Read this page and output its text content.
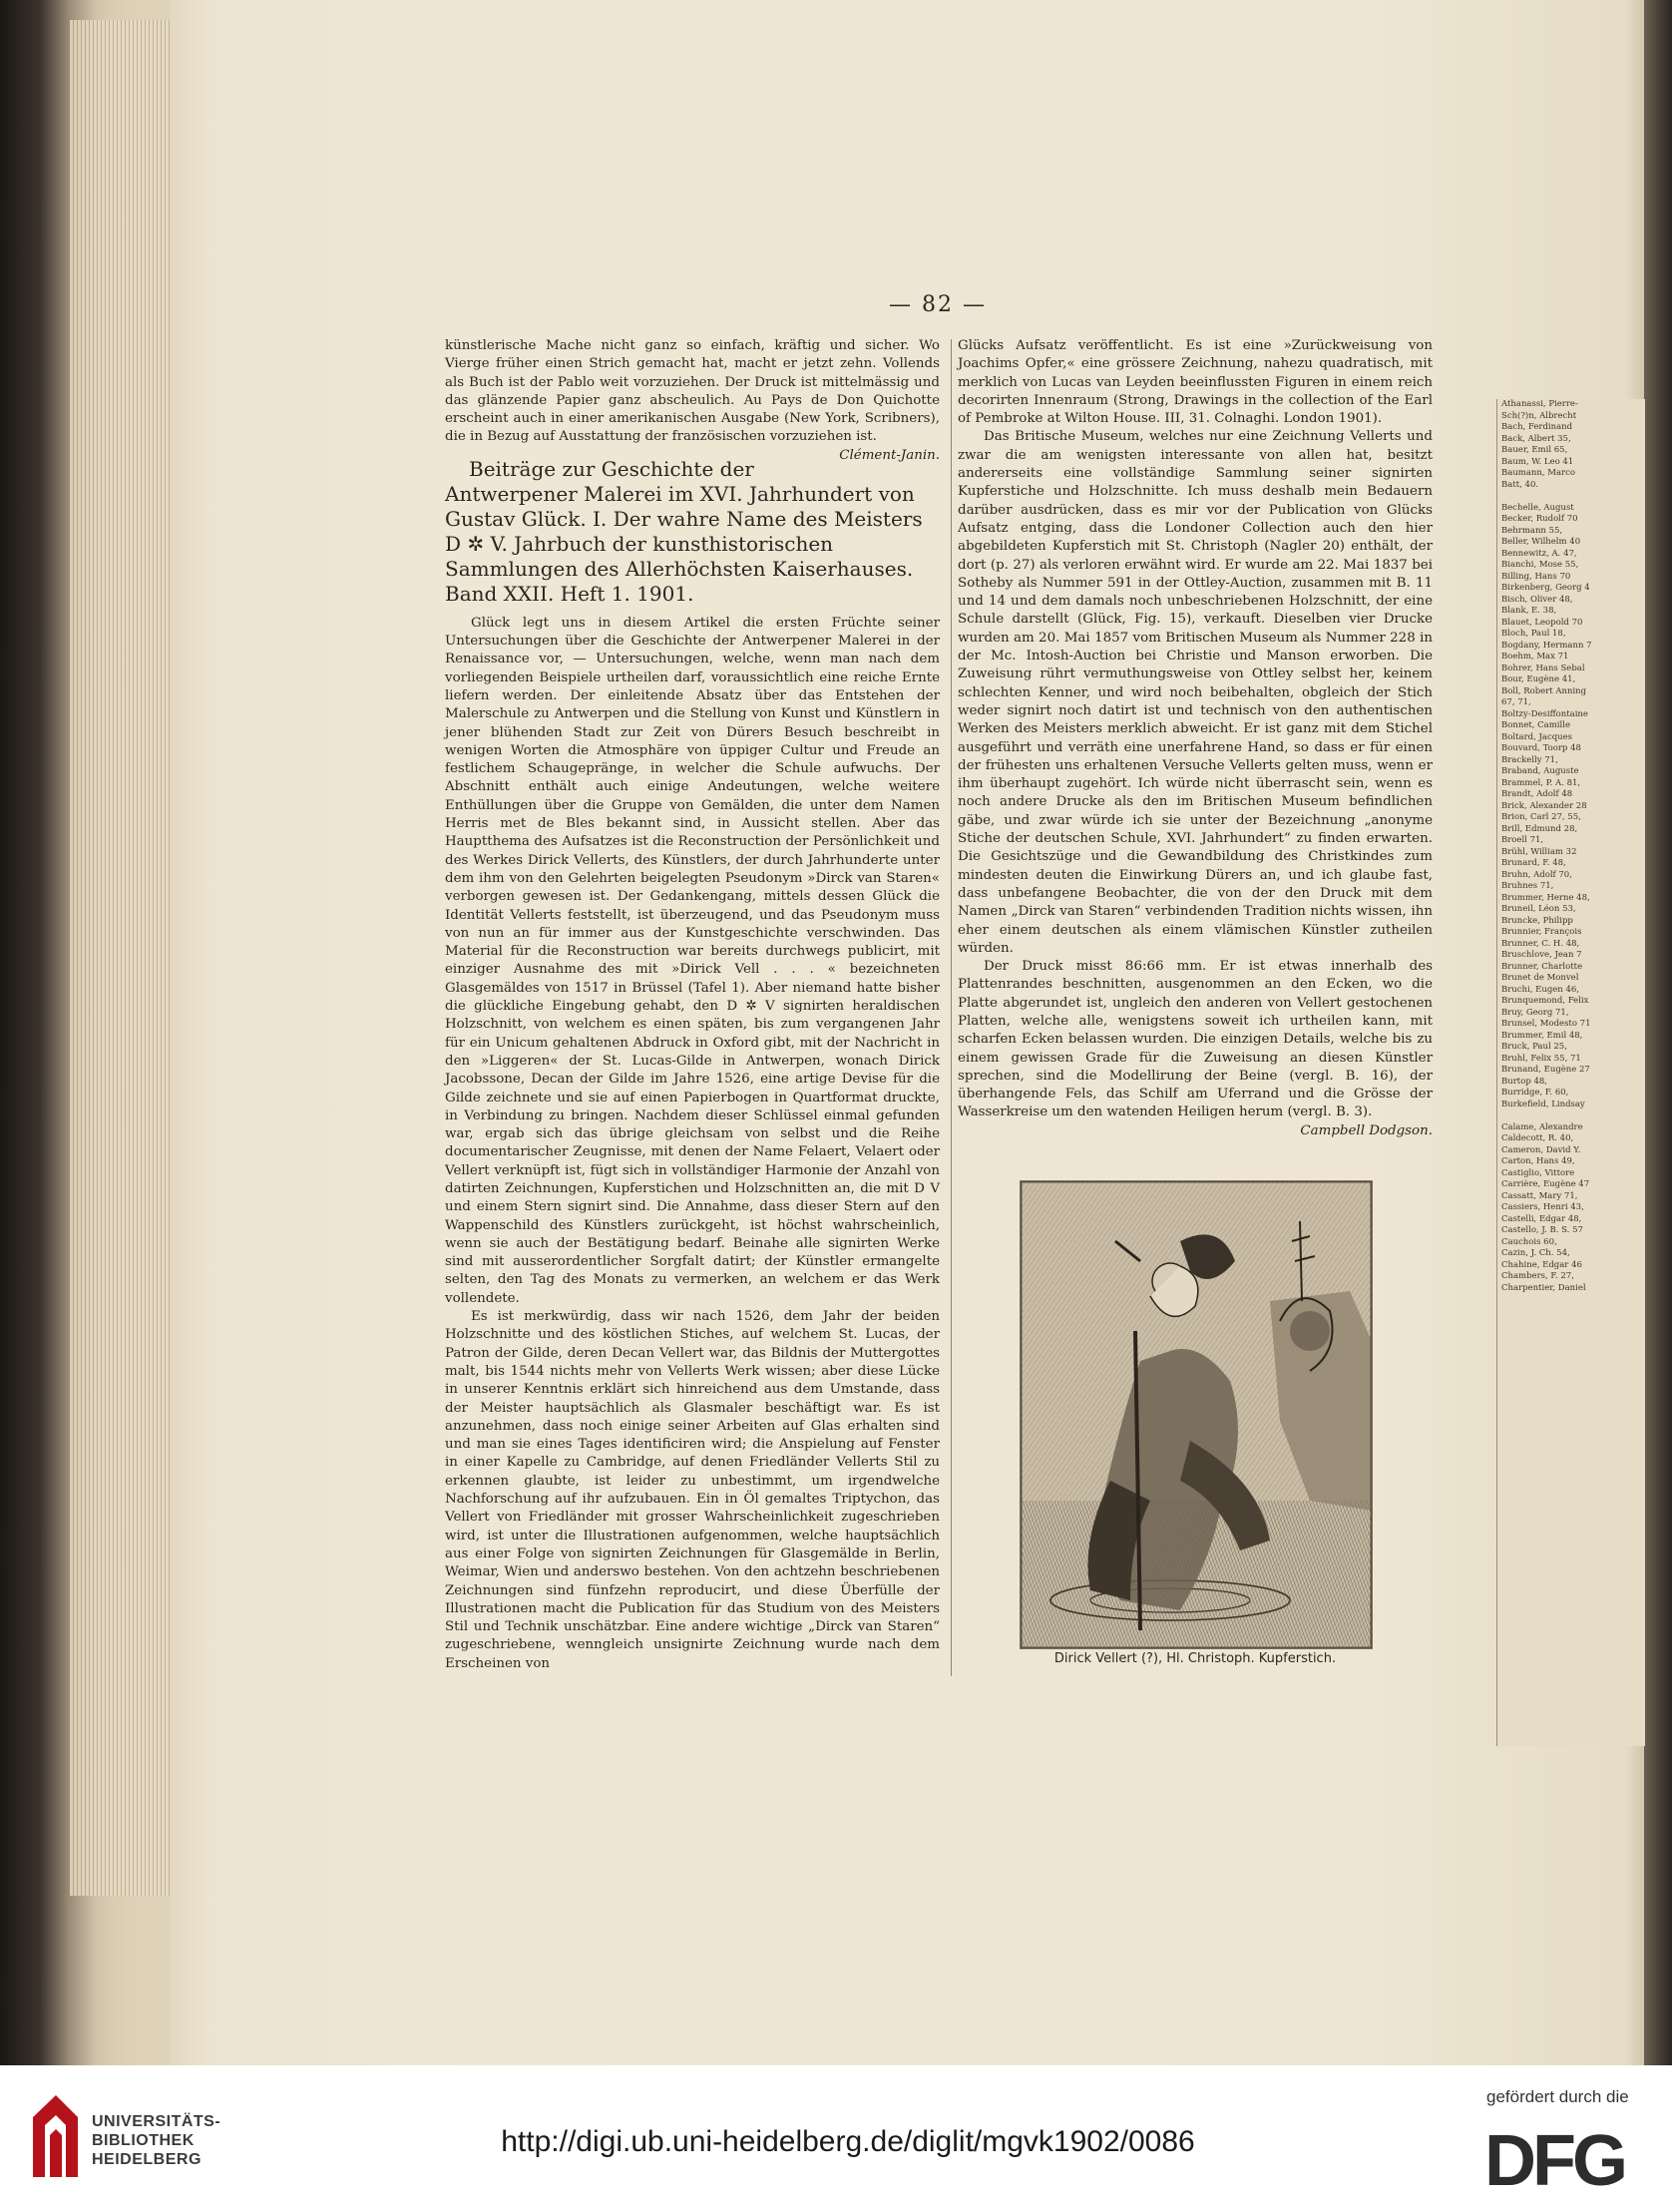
— 82 —

künstlerische Mache nicht ganz so einfach, kräftig und sicher. Wo Vierge früher einen Strich gemacht hat, macht er jetzt zehn. Vollends als Buch ist der Pablo weit vorzuziehen. Der Druck ist mittelmässig und das glänzende Papier ganz abscheulich. Au Pays de Don Quichotte erscheint auch in einer amerikanischen Ausgabe (New York, Scribners), die in Bezug auf Ausstattung der französischen vorzuziehen ist.
Clément-Janin.

Beiträge zur Geschichte der Antwerpener Malerei im XVI. Jahrhundert von Gustav Glück. I. Der wahre Name des Meisters D ✲ V. Jahrbuch der kunsthistorischen Sammlungen des Allerhöchsten Kaiserhauses. Band XXII. Heft 1. 1901.

Glück legt uns in diesem Artikel die ersten Früchte seiner Untersuchungen über die Geschichte der Antwerpener Malerei in der Renaissance vor, — Untersuchungen, welche, wenn man nach dem vorliegenden Beispiele urtheilen darf, voraussichtlich eine reiche Ernte liefern werden. Der einleitende Absatz über das Entstehen der Malerschule zu Antwerpen und die Stellung von Kunst und Künstlern in jener blühenden Stadt zur Zeit von Dürers Besuch beschreibt in wenigen Worten die Atmosphäre von üppiger Cultur und Freude an festlichem Schaugepränge, in welcher die Schule aufwuchs. Der Abschnitt enthält auch einige Andeutungen, welche weitere Enthüllungen über die Gruppe von Gemälden, die unter dem Namen Herris met de Bles bekannt sind, in Aussicht stellen. Aber das Hauptthema des Aufsatzes ist die Reconstruction der Persönlichkeit und des Werkes Dirick Vellerts, des Künstlers, der durch Jahrhunderte unter dem ihm von den Gelehrten beigelegten Pseudonym »Dirck van Staren« verborgen gewesen ist. Der Gedankengang, mittels dessen Glück die Identität Vellerts feststellt, ist überzeugend, und das Pseudonym muss von nun an für immer aus der Kunstgeschichte verschwinden. Das Material für die Reconstruction war bereits durchwegs publicirt, mit einziger Ausnahme des mit »Dirick Vell . . . « bezeichneten Glasgemäldes von 1517 in Brüssel (Tafel 1). Aber niemand hatte bisher die glückliche Eingebung gehabt, den D ✲ V signirten heraldischen Holzschnitt, von welchem es einen späten, bis zum vergangenen Jahr für ein Unicum gehaltenen Abdruck in Oxford gibt, mit der Nachricht in den »Liggeren« der St. Lucas-Gilde in Antwerpen, wonach Dirick Jacobssone, Decan der Gilde im Jahre 1526, eine artige Devise für die Gilde zeichnete und sie auf einen Papierbogen in Quartformat druckte, in Verbindung zu bringen. Nachdem dieser Schlüssel einmal gefunden war, ergab sich das übrige gleichsam von selbst und die Reihe documentarischer Zeugnisse, mit denen der Name Felaert, Velaert oder Vellert verknüpft ist, fügt sich in vollständiger Harmonie der Anzahl von datirten Zeichnungen, Kupferstichen und Holzschnitten an, die mit D V und einem Stern signirt sind. Die Annahme, dass dieser Stern auf den Wappenschild des Künstlers zurückgeht, ist höchst wahrscheinlich, wenn sie auch der Bestätigung bedarf. Beinahe alle signirten Werke sind mit ausserordentlicher Sorgfalt datirt; der Künstler ermangelte selten, den Tag des Monats zu vermerken, an welchem er das Werk vollendete.

Es ist merkwürdig, dass wir nach 1526, dem Jahr der beiden Holzschnitte und des köstlichen Stiches, auf welchem St. Lucas, der Patron der Gilde, deren Decan Vellert war, das Bildnis der Muttergottes malt, bis 1544 nichts mehr von Vellerts Werk wissen; aber diese Lücke in unserer Kenntnis erklärt sich hinreichend aus dem Umstande, dass der Meister hauptsächlich als Glasmaler beschäftigt war. Es ist anzunehmen, dass noch einige seiner Arbeiten auf Glas erhalten sind und man sie eines Tages identificiren wird; die Anspielung auf Fenster in einer Kapelle zu Cambridge, auf denen Friedländer Vellerts Stil zu erkennen glaubte, ist leider zu unbestimmt, um irgendwelche Nachforschung auf ihr aufzubauen. Ein in Öl gemaltes Triptychon, das Vellert von Friedländer mit grosser Wahrscheinlichkeit zugeschrieben wird, ist unter die Illustrationen aufgenommen, welche hauptsächlich aus einer Folge von signirten Zeichnungen für Glasgemälde in Berlin, Weimar, Wien und anderswo bestehen. Von den achtzehn beschriebenen Zeichnungen sind fünfzehn reproducirt, und diese Überfülle der Illustrationen macht die Publication für das Studium von des Meisters Stil und Technik unschätzbar. Eine andere wichtige „Dirck van Staren“ zugeschriebene, wenngleich unsignirte Zeichnung wurde nach dem Erscheinen von

Glücks Aufsatz veröffentlicht. Es ist eine »Zurückweisung von Joachims Opfer,« eine grössere Zeichnung, nahezu quadratisch, mit merklich von Lucas van Leyden beeinflussten Figuren in einem reich decorirten Innenraum (Strong, Drawings in the collection of the Earl of Pembroke at Wilton House. III, 31. Colnaghi. London 1901).

Das Britische Museum, welches nur eine Zeichnung Vellerts und zwar die am wenigsten interessante von allen hat, besitzt andererseits eine vollständige Sammlung seiner signirten Kupferstiche und Holzschnitte. Ich muss deshalb mein Bedauern darüber ausdrücken, dass es mir vor der Publication von Glücks Aufsatz entging, dass die Londoner Collection auch den hier abgebildeten Kupferstich mit St. Christoph (Nagler 20) enthält, der dort (p. 27) als verloren erwähnt wird. Er wurde am 22. Mai 1837 bei Sotheby als Nummer 591 in der Ottley-Auction, zusammen mit B. 11 und 14 und dem damals noch unbeschriebenen Holzschnitt, der eine Schule darstellt (Glück, Fig. 15), verkauft. Dieselben vier Drucke wurden am 20. Mai 1857 vom Britischen Museum als Nummer 228 in der Mc. Intosh-Auction bei Christie und Manson erworben. Die Zuweisung rührt vermuthungsweise von Ottley selbst her, keinem schlechten Kenner, und wird noch beibehalten, obgleich der Stich weder signirt noch datirt ist und technisch von den authentischen Werken des Meisters merklich abweicht. Er ist ganz mit dem Stichel ausgeführt und verräth eine unerfahrene Hand, so dass er für einen der frühesten uns erhaltenen Versuche Vellerts gelten muss, wenn er ihm überhaupt zugehört. Ich würde nicht überrascht sein, wenn es noch andere Drucke als den im Britischen Museum befindlichen gäbe, und zwar würde ich sie unter der Bezeichnung „anonyme Stiche der deutschen Schule, XVI. Jahrhundert“ zu finden erwarten. Die Gesichtszüge und die Gewandbildung des Christkindes zum mindesten deuten die Einwirkung Dürers an, und ich glaube fast, dass unbefangene Beobachter, die von der den Druck mit dem Namen „Dirck van Staren“ verbindenden Tradition nichts wissen, ihn eher einem deutschen als einem vlämischen Künstler zutheilen würden.

Der Druck misst 86:66 mm. Er ist etwas innerhalb des Plattenrandes beschnitten, ausgenommen an den Ecken, wo die Platte abgerundet ist, ungleich den anderen von Vellert gestochenen Platten, welche alle, wenigstens soweit ich urtheilen kann, mit scharfen Ecken belassen wurden. Die einzigen Details, welche bis zu einem gewissen Grade für die Zuweisung an diesen Künstler sprechen, sind die Modellirung der Beine (vergl. B. 16), der überhangende Fels, das Schilf am Uferrand und die Grösse der Wasserkreise um den watenden Heiligen herum (vergl. B. 3).
Campbell Dodgson.

Dirick Vellert (?), Hl. Christoph. Kupferstich.
Athanassi, Pierre-
Sch(?)n, Albrecht
Bach, Ferdinand
Back, Albert 35,
Bauer, Emil 65,
Baum, W. Leo 41
Baumann, Marco
Batt, 40.

Bechelle, August
Becker, Rudolf 70
Behrmann 55,
Beller, Wilhelm 40
Bennewitz, A. 47,
Bianchi, Mose 55,
Billing, Hans 70
Birkenberg, Georg 4
Bisch, Oliver 48,
Blank, E. 38,
Blauet, Leopold 70
Bloch, Paul 18,
Bogdany, Hermann 7
Boehm, Max 71
Bohrer, Hans Sebal
Bour, Eugène 41,
Boll, Robert Anning
67, 71,
Boltzy-Desiffontaine
Bonnet, Camille
Boltard, Jacques
Bouvard, Toorp 48
Brackelly 71,
Braband, Auguste
Brammel, P. A. 81,
Brandt, Adolf 48
Brick, Alexander 28
Brion, Carl 27, 55,
Brill, Edmund 28,
Broell 71,
Brühl, William 32
Brunard, F. 48,
Bruhn, Adolf 70,
Bruhnes 71,
Brummer, Herne 48,
Bruneil, Léon 53,
Bruncke, Philipp
Brunnier, François
Brunner, C. H. 48,
Bruschlove, Jean 7
Brunner, Charlotte
Brunet de Monvel
Bruchi, Eugen 46,
Brunquemond, Felix
Bruy, Georg 71,
Brunsel, Modesto 71
Brummer, Emil 48,
Bruck, Paul 25,
Bruhl, Felix 55, 71
Brunand, Eugène 27
Burtop 48,
Burridge, F. 60,
Burkefield, Lindsay

Calame, Alexandre
Caldecott, R. 40,
Cameron, David Y.
Carton, Hans 49,
Castiglio, Vittore
Carrière, Eugène 47
Cassatt, Mary 71,
Cassiers, Henri 43,
Castelli, Edgar 48,
Castello, J. B. S. 57
Cauchois 60,
Cazin, J. Ch. 54,
Chahine, Edgar 46
Chambers, F. 27,
Charpentier, Daniel
UNIVERSITÄTS-
BIBLIOTHEK
HEIDELBERG
http://digi.ub.uni-heidelberg.de/diglit/mgvk1902/0086
gefördert durch die
DFG
